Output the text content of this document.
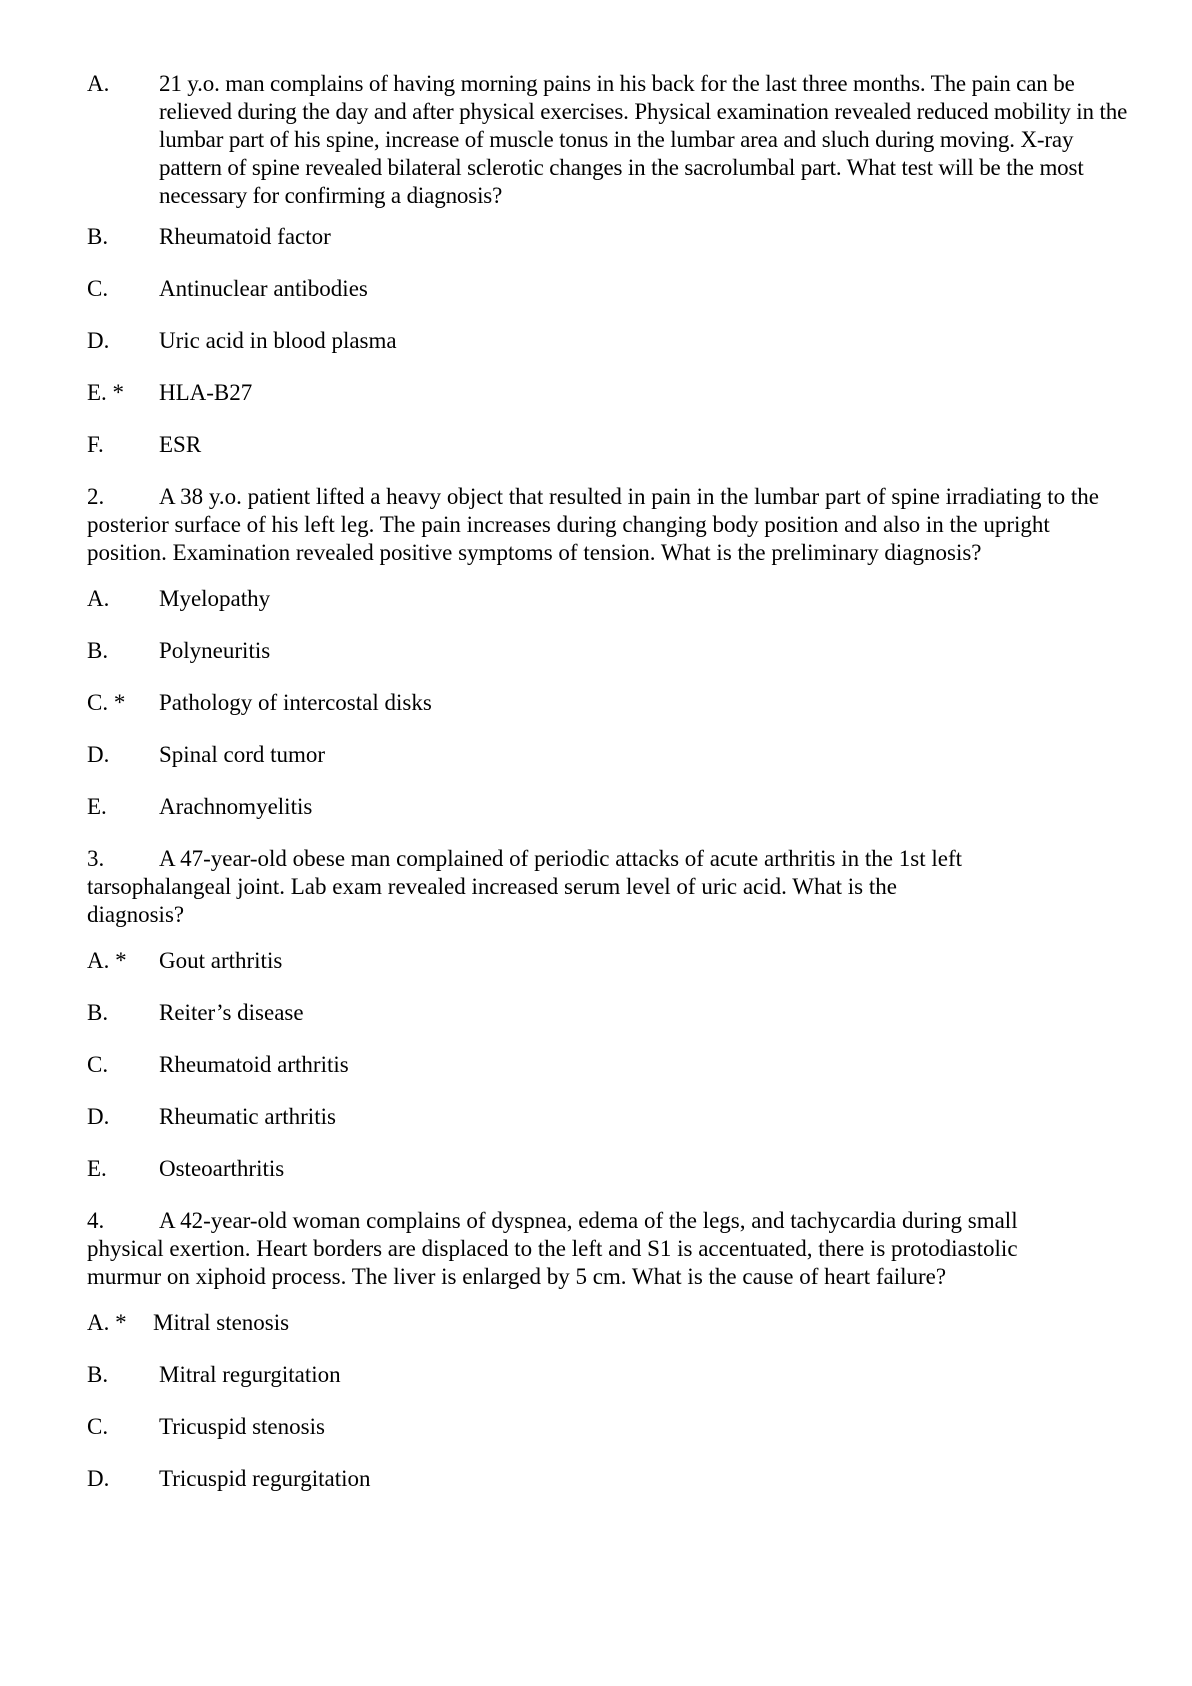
A. 21 y.o. man complains of having morning pains in his back for the last three months. The pain can be relieved during the day and after physical exercises. Physical examination revealed reduced mobility in the lumbar part of his spine, increase of muscle tonus in the lumbar area and sluch during moving. X-ray pattern of spine revealed bilateral sclerotic changes in the sacrolumbal part. What test will be the most necessary for confirming a diagnosis?
B. Rheumatoid factor
C. Antinuclear antibodies
D. Uric acid in blood plasma
E. * HLA-B27
F. ESR
2. A 38 y.o. patient lifted a heavy object that resulted in pain in the lumbar part of spine irradiating to the posterior surface of his left leg. The pain increases during changing body position and also in the upright position. Examination revealed positive symptoms of tension. What is the preliminary diagnosis?
A. Myelopathy
B. Polyneuritis
C. * Pathology of intercostal disks
D. Spinal cord tumor
E. Arachnomyelitis
3. A 47-year-old obese man complained of periodic attacks of acute arthritis in the 1st left tarsophalangeal joint. Lab exam revealed increased serum level of uric acid. What is the diagnosis?
A. * Gout arthritis
B. Reiter’s disease
C. Rheumatoid arthritis
D. Rheumatic arthritis
E. Osteoarthritis
4. A 42-year-old woman complains of dyspnea, edema of the legs, and tachycardia during small physical exertion. Heart borders are displaced to the left and S1 is accentuated, there is protodiastolic murmur on xiphoid process. The liver is enlarged by 5 cm. What is the cause of heart failure?
A. * Mitral stenosis
B. Mitral regurgitation
C. Tricuspid stenosis
D. Tricuspid regurgitation
